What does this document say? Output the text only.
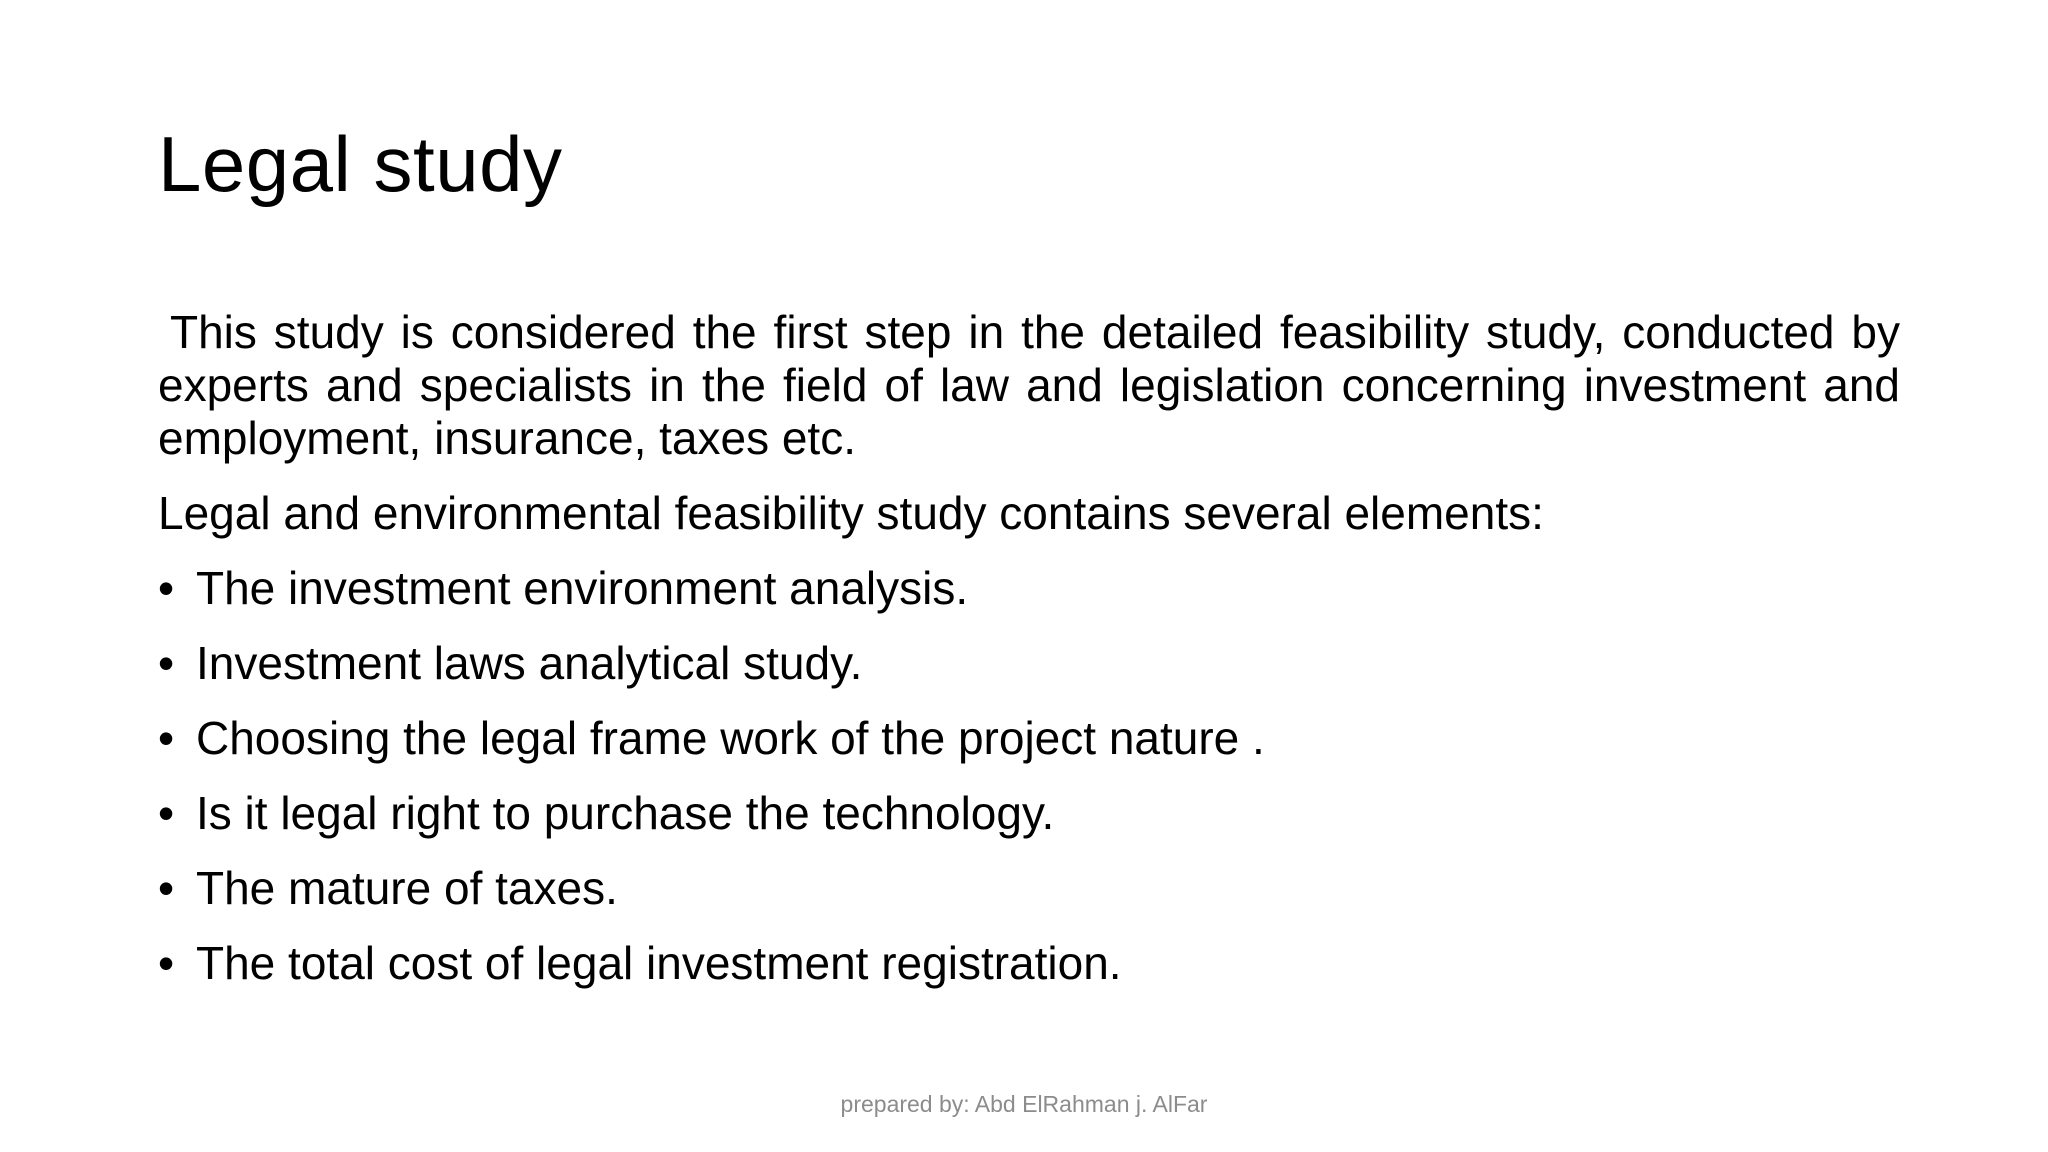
Legal study

This study is considered the first step in the detailed feasibility study, conducted by experts and specialists in the field of law and legislation concerning investment and employment, insurance, taxes etc.

Legal and environmental feasibility study contains several elements:

• The investment environment analysis.
• Investment laws analytical study.
• Choosing the legal frame work of the project nature .
• Is it legal right to purchase the technology.
• The mature of taxes.
• The total cost of legal investment registration.
prepared by: Abd ElRahman j. AlFar
